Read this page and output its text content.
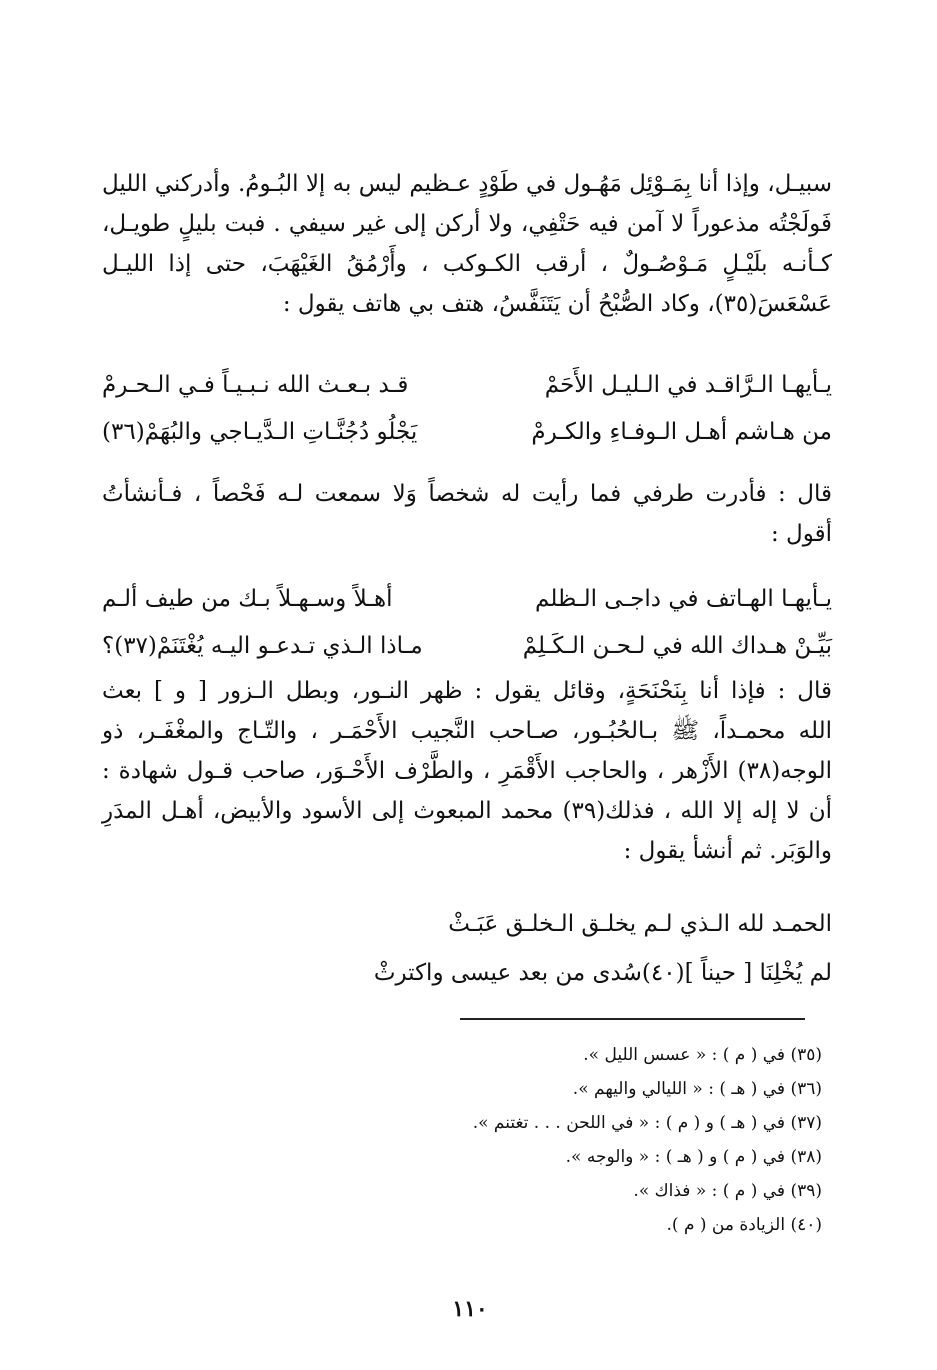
سبيـل، وإذا أنا بِمَـوْئِل مَهُـول في طَوْدٍ عـظيم ليس به إلا البُـومُ. وأدركني الليل
فَولَجْتُه مذعوراً لا آمن فيه حَتْفِي، ولا أركن إلى غير سيفي . فبت بليلٍ طويـل،
كـأنـه بلَيْـلٍ مَـوْصُـولٌ ، أرقب الكـوكب ، وأَرْمُقُ الغَيْهَبَ، حتى إذا الليـل
عَسْعَسَ(٣٥)، وكاد الصُّبْحُ أن يَتَنَفَّسُ، هتف بي هاتف يقول :
يـأيهـا الـرَّاقـد في الـليـل الأَحَمْ
قـد بـعـث الله نـبـيـاً فـي الـحـرمْ
من هـاشم أهـل الـوفـاءِ والكـرمْ
يَجْلُو دُجُنَّـاتِ الـدَّيـاجي والبُهَمْ(٣٦)
قال : فأدرت طرفي فما رأيت له شخصاً وَلا سمعت لـه فَحْصاً ، فـأنشأتُ
أقول :
يـأيهـا الهـاتف في داجـى الـظلم
أهـلاً وسـهـلاً بـك من طيف ألـم
بَيِّـنْ هـداك الله في لـحـن الـكَـلِمْ
مـاذا الـذي تـدعـو اليـه يُغْتَنَمْ(٣٧)؟
قال : فإذا أنا بِنَحْنَحَةٍ، وقائل يقول : ظهر النـور، وبطل الـزور [ و ] بعث
الله محمـداً، ﷺ بـالحُبُـور، صـاحب النَّجيب الأَحْمَـر ، والتّـاج والمغْفَـر، ذو
الوجه(٣٨) الأَزْهر ، والحاجب الأَقْمَرِ ، والطَّرْف الأَحْـوَر، صاحب قـول شهادة :
أن لا إله إلا الله ، فذلك(٣٩) محمد المبعوث إلى الأسود والأبيض، أهـل المدَرِ
والوَبَر. ثم أنشأ يقول :
الحمـد لله الـذي لـم يخلـق الـخلـق عَبَـثْ
لم يُخْلِنَا [ حيناً ](٤٠)سُدى من بعد عيسى واكترثْ
(٣٥) في ( م ) : « عسس الليل ».
(٣٦) في ( هـ ) : « الليالي واليهم ».
(٣٧) في ( هـ ) و ( م ) : « في اللحن . . . تغتنم ».
(٣٨) في ( م ) و ( هـ ) : « والوجه ».
(٣٩) في ( م ) : « فذاك ».
(٤٠) الزيادة من ( م ).
١١٠
